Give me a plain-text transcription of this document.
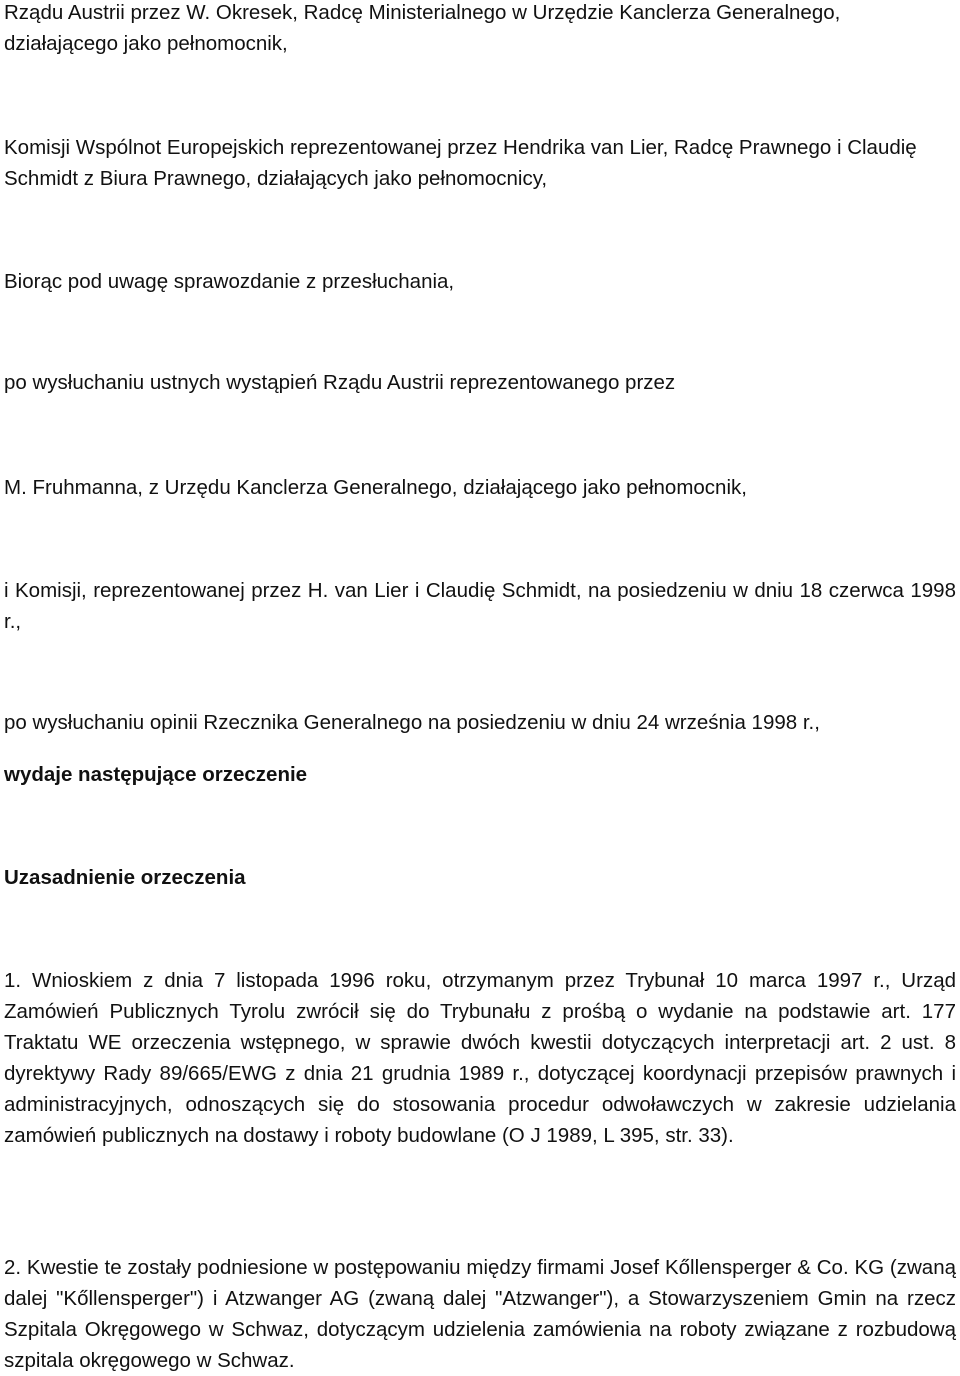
Rządu Austrii przez W. Okresek, Radcę Ministerialnego w Urzędzie Kanclerza Generalnego, działającego jako pełnomocnik,

Komisji Wspólnot Europejskich reprezentowanej przez Hendrika van Lier, Radcę Prawnego i Claudię Schmidt z Biura Prawnego, działających jako pełnomocnicy,

Biorąc pod uwagę sprawozdanie z przesłuchania,

po wysłuchaniu ustnych wystąpień Rządu Austrii reprezentowanego przez

M. Fruhmanna, z Urzędu Kanclerza Generalnego, działającego jako pełnomocnik,

i Komisji, reprezentowanej przez H. van Lier i Claudię Schmidt, na posiedzeniu w dniu 18 czerwca 1998 r.,

po wysłuchaniu opinii Rzecznika Generalnego na posiedzeniu w dniu 24 września 1998 r.,

wydaje następujące orzeczenie

Uzasadnienie orzeczenia

1. Wnioskiem z dnia 7 listopada 1996 roku, otrzymanym przez Trybunał 10 marca 1997 r., Urząd Zamówień Publicznych Tyrolu zwrócił się do Trybunału z prośbą o wydanie na podstawie art. 177 Traktatu WE orzeczenia wstępnego, w sprawie dwóch kwestii dotyczących interpretacji art. 2 ust. 8 dyrektywy Rady 89/665/EWG z dnia 21 grudnia 1989 r., dotyczącej koordynacji przepisów prawnych i administracyjnych, odnoszących się do stosowania procedur odwoławczych w zakresie udzielania zamówień publicznych na dostawy i roboty budowlane (O J 1989, L 395, str. 33).

2. Kwestie te zostały podniesione w postępowaniu między firmami Josef Kőllensperger & Co. KG (zwaną dalej "Kőllensperger") i Atzwanger AG (zwaną dalej "Atzwanger"), a Stowarzyszeniem Gmin na rzecz Szpitala Okręgowego w Schwaz, dotyczącym udzielenia zamówienia na roboty związane z rozbudową szpitala okręgowego w Schwaz.
